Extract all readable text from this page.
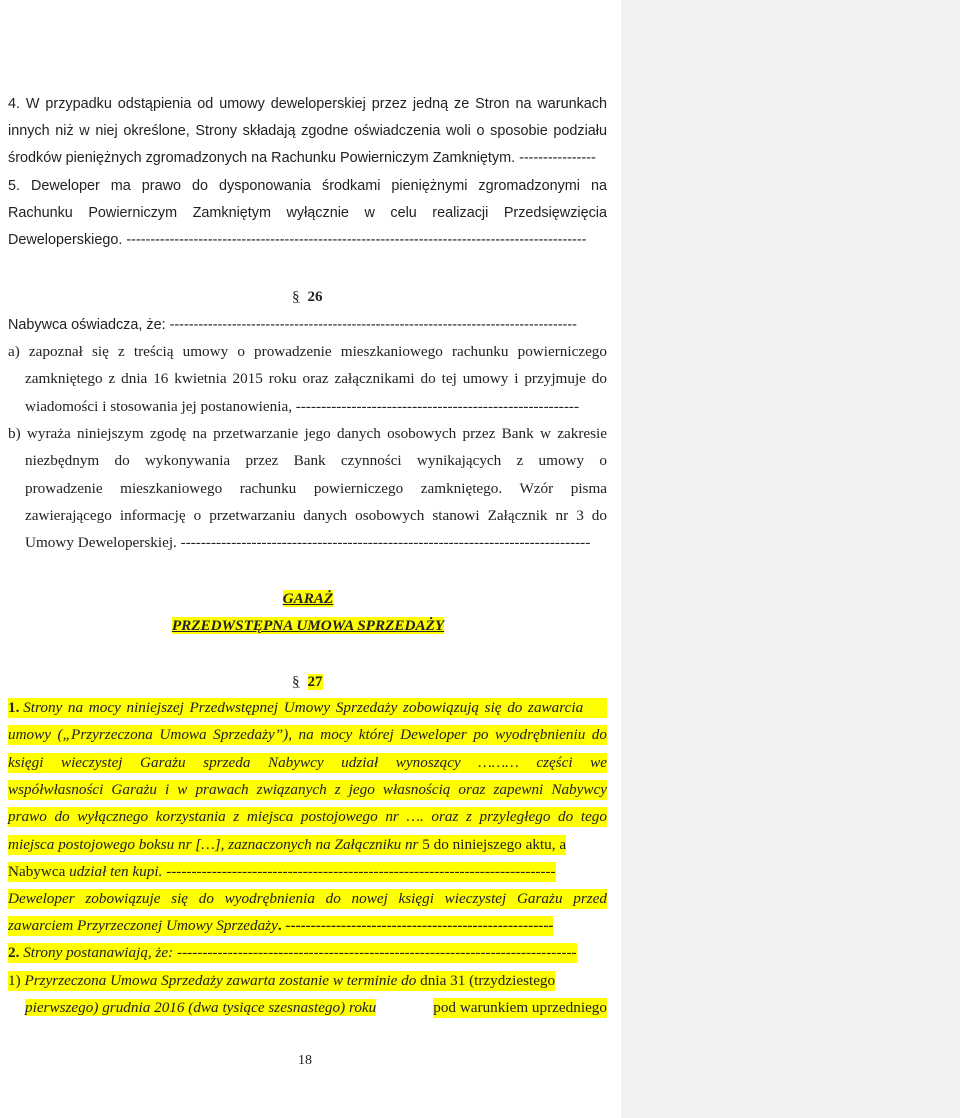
4. W przypadku odstąpienia od umowy deweloperskiej przez jedną ze Stron na warunkach
innych niż w niej określone, Strony składają zgodne oświadczenia woli o sposobie podziału
środków pieniężnych zgromadzonych na Rachunku Powierniczym Zamkniętym. ----------------
5. Deweloper ma prawo do dysponowania środkami pieniężnymi zgromadzonymi na
Rachunku Powierniczym Zamkniętym wyłącznie w celu realizacji Przedsięwzięcia
Deweloperskiego. ------------------------------------------------------------------------------------------------
§ 26
Nabywca oświadcza, że: -------------------------------------------------------------------------------------
a) zapoznał się z treścią umowy o prowadzenie mieszkaniowego rachunku powierniczego
zamkniętego z dnia 16 kwietnia 2015 roku oraz załącznikami do tej umowy i przyjmuje do
wiadomości i stosowania jej postanowienia, --------------------------------------------------------
b) wyraża niniejszym zgodę na przetwarzanie jego danych osobowych przez Bank w zakresie
niezbędnym do wykonywania przez Bank czynności wynikających z umowy o
prowadzenie mieszkaniowego rachunku powierniczego zamkniętego. Wzór pisma
zawierającego informację o przetwarzaniu danych osobowych stanowi Załącznik nr 3 do
Umowy Deweloperskiej. ---------------------------------------------------------------------------------
GARAŻ
PRZEDWSTĘPNA UMOWA SPRZEDAŻY
§ 27
1. Strony na mocy niniejszej Przedwstępnej Umowy Sprzedaży zobowiązują się do zawarcia
umowy („Przyrzeczona Umowa Sprzedaży”), na mocy której Deweloper po wyodrębnieniu do
księgi wieczystej Garażu sprzeda Nabywcy udział wynoszący ……… części we
współwłasności Garażu i w prawach związanych z jego własnością oraz zapewni Nabywcy
prawo do wyłącznego korzystania z miejsca postojowego nr …. oraz z przyległego do tego
miejsca postojowego boksu nr […], zaznaczonych na Załączniku nr 5 do niniejszego aktu, a
Nabywca udział ten kupi. -----------------------------------------------------------------------------
Deweloper zobowiązuje się do wyodrębnienia do nowej księgi wieczystej Garażu przed
zawarciem Przyrzeczonej Umowy Sprzedaży. -----------------------------------------------------
2. Strony postanawiają, że: -------------------------------------------------------------------------------
1) Przyrzeczona Umowa Sprzedaży zawarta zostanie w terminie do dnia 31 (trzydziestego
pierwszego) grudnia 2016 (dwa tysiące szesnastego) roku	pod warunkiem uprzedniego
18
